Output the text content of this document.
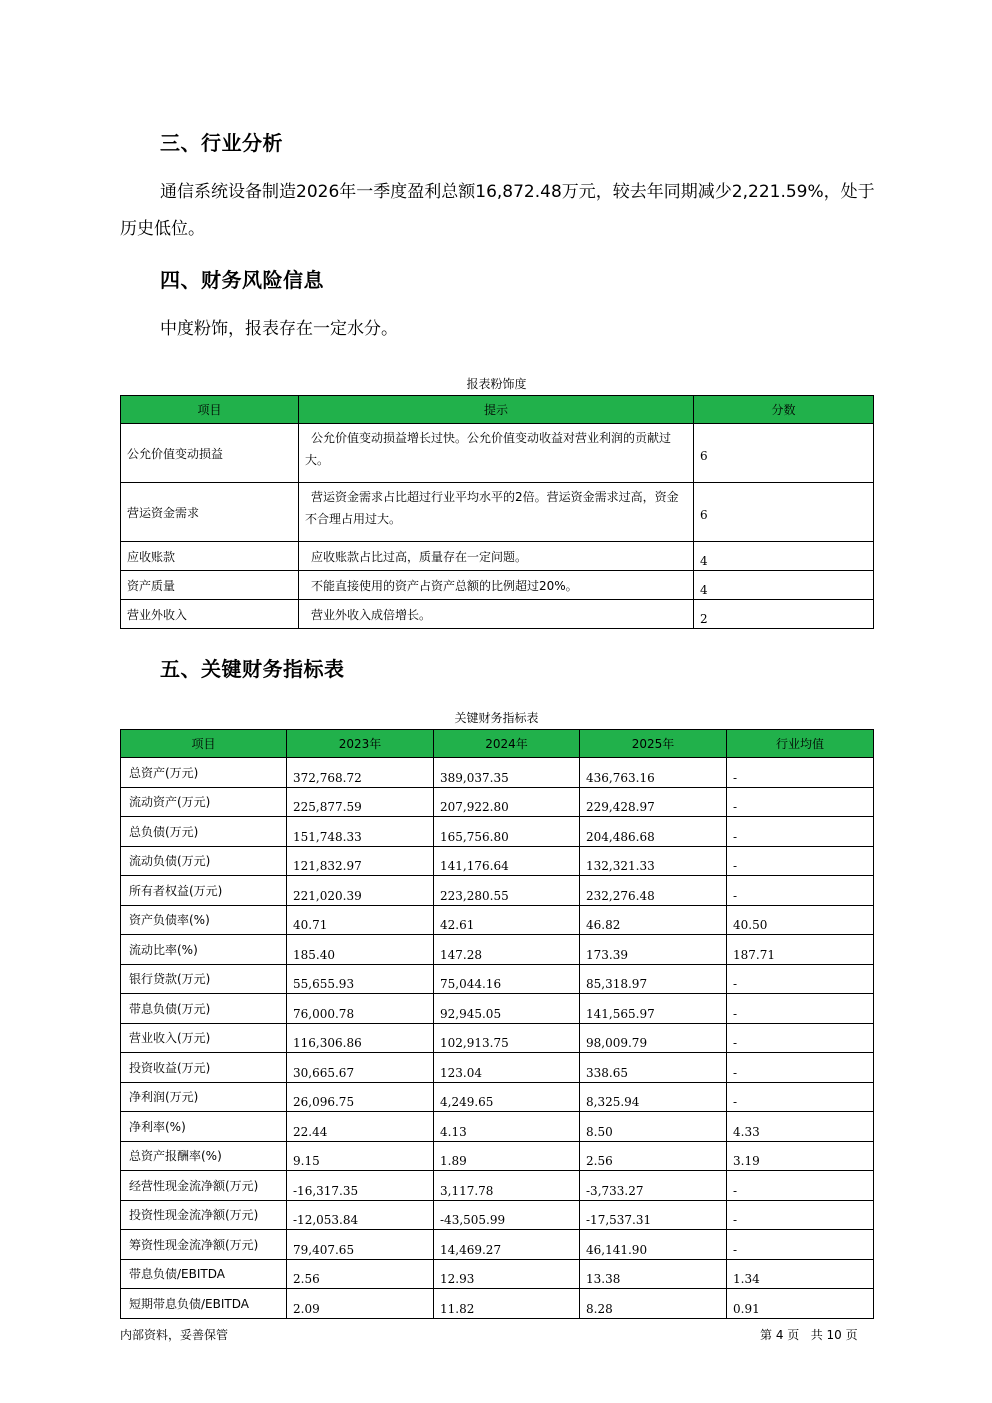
三、行业分析

通信系统设备制造2026年一季度盈利总额16,872.48万元，较去年同期减少2,221.59%，处于

历史低位。

四、财务风险信息

中度粉饰，报表存在一定水分。

报表粉饰度
项目	提示	分数
公允价值变动损益	公允价值变动损益增长过快。公允价值变动收益对营业利润的贡献过大。	6
营运资金需求	营运资金需求占比超过行业平均水平的2倍。营运资金需求过高，资金不合理占用过大。	6
应收账款	应收账款占比过高，质量存在一定问题。	4
资产质量	不能直接使用的资产占资产总额的比例超过20%。	4
营业外收入	营业外收入成倍增长。	2
五、关键财务指标表
关键财务指标表
项目	2023年	2024年	2025年	行业均值
总资产(万元)	372,768.72	389,037.35	436,763.16	-
流动资产(万元)	225,877.59	207,922.80	229,428.97	-
总负债(万元)	151,748.33	165,756.80	204,486.68	-
流动负债(万元)	121,832.97	141,176.64	132,321.33	-
所有者权益(万元)	221,020.39	223,280.55	232,276.48	-
资产负债率(%)	40.71	42.61	46.82	40.50
流动比率(%)	185.40	147.28	173.39	187.71
银行贷款(万元)	55,655.93	75,044.16	85,318.97	-
带息负债(万元)	76,000.78	92,945.05	141,565.97	-
营业收入(万元)	116,306.86	102,913.75	98,009.79	-
投资收益(万元)	30,665.67	123.04	338.65	-
净利润(万元)	26,096.75	4,249.65	8,325.94	-
净利率(%)	22.44	4.13	8.50	4.33
总资产报酬率(%)	9.15	1.89	2.56	3.19
经营性现金流净额(万元)	-16,317.35	3,117.78	-3,733.27	-
投资性现金流净额(万元)	-12,053.84	-43,505.99	-17,537.31	-
筹资性现金流净额(万元)	79,407.65	14,469.27	46,141.90	-
带息负债/EBITDA	2.56	12.93	13.38	1.34
短期带息负债/EBITDA	2.09	11.82	8.28	0.91
内部资料，妥善保管	第 4 页   共 10 页
